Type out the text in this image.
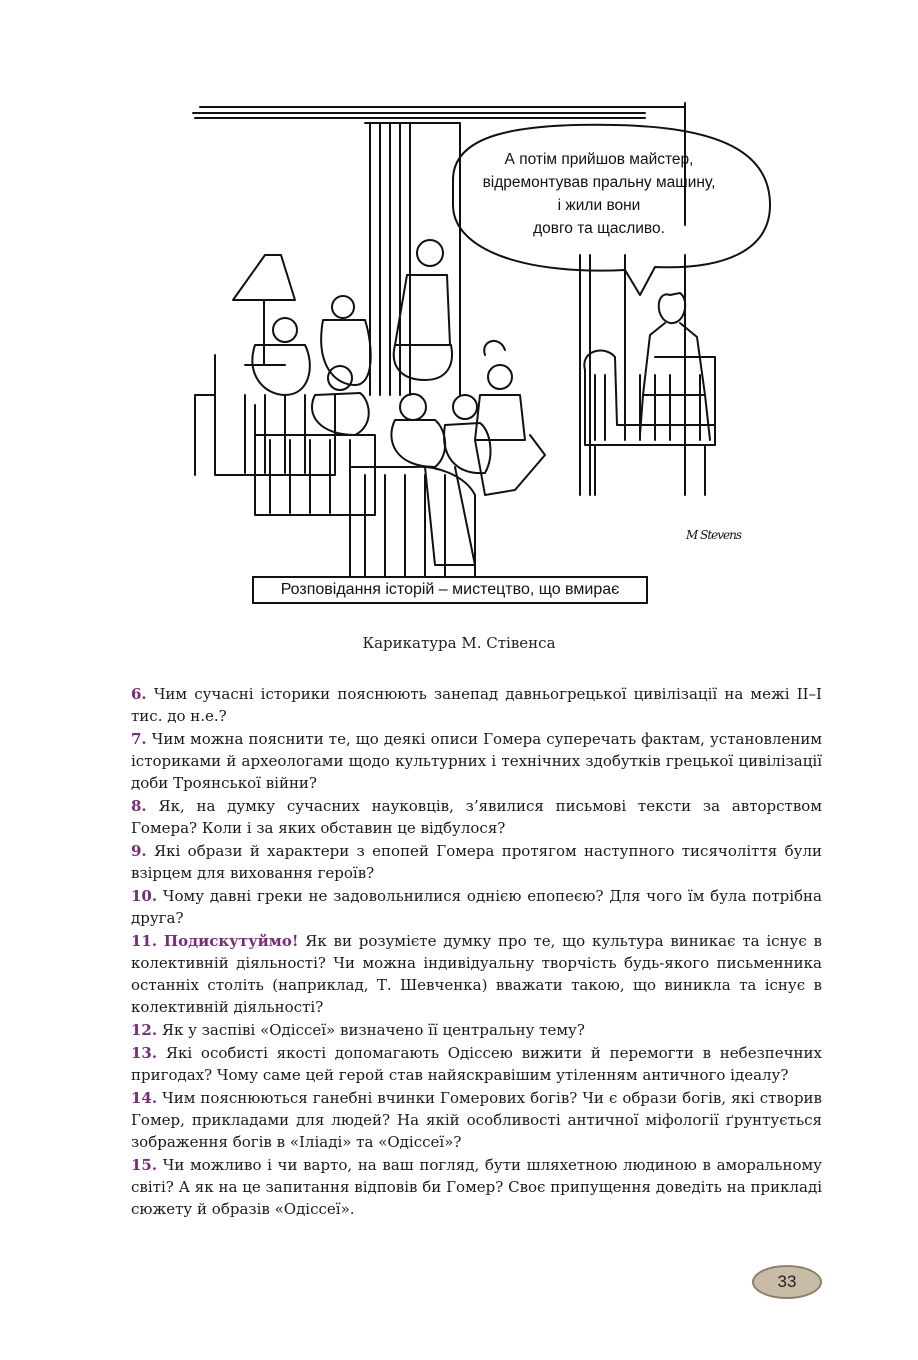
А потім прийшов майстер,
відремонтував пральну машину,
і жили вони
довго та щасливо.
M Stevens
Розповідання історій – мистецтво, що вмирає
Карикатура М. Стівенса

6. Чим сучасні історики пояснюють занепад давньогрецької цивілізації на межі ІІ–І тис. до н.е.?

7. Чим можна пояснити те, що деякі описи Гомера суперечать фактам, установленим істориками й археологами щодо культурних і технічних здобутків грецької цивілізації доби Троянської війни?

8. Як, на думку сучасних науковців, з’явилися письмові тексти за авторством Гомера? Коли і за яких обставин це відбулося?

9. Які образи й характери з епопей Гомера протягом наступного тисячоліття були взірцем для виховання героїв?

10. Чому давні греки не задовольнилися однією епопеєю? Для чого їм була потрібна друга?

11. Подискутуймо! Як ви розумієте думку про те, що культура виникає та існує в колективній діяльності? Чи можна індивідуальну творчість будь-якого письменника останніх століть (наприклад, Т. Шевченка) вважати такою, що виникла та існує в колективній діяльності?

12. Як у заспіві «Одіссеї» визначено її центральну тему?

13. Які особисті якості допомагають Одіссею вижити й перемогти в небезпечних пригодах? Чому саме цей герой став найяскравішим утіленням античного ідеалу?

14. Чим пояснюються ганебні вчинки Гомерових богів? Чи є образи богів, які створив Гомер, прикладами для людей? На якій особливості античної міфології ґрунтується зображення богів в «Іліаді» та «Одіссеї»?

15. Чи можливо і чи варто, на ваш погляд, бути шляхетною людиною в аморальному світі? А як на це запитання відповів би Гомер? Своє припущення доведіть на прикладі сюжету й образів «Одіссеї».

33
